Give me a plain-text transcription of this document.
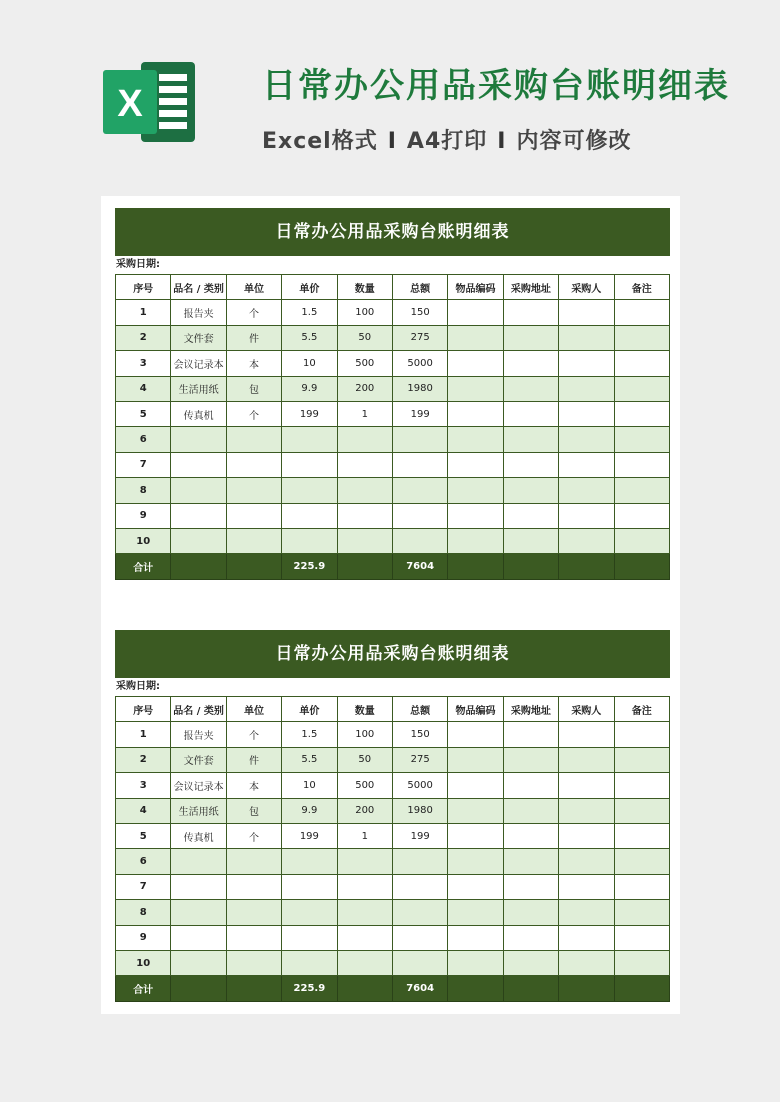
X	日常办公用品采购台账明细表
Excel格式 I A4打印 I 内容可修改
日常办公用品采购台账明细表
采购日期:
序号	品名 / 类别	单位	单价	数量	总额	物品编码	采购地址	采购人	备注
1	报告夹	个	1.5	100	150				
2	文件套	件	5.5	50	275				
3	会议记录本	本	10	500	5000				
4	生活用纸	包	9.9	200	1980				
5	传真机	个	199	1	199				
6									
7									
8									
9									
10									
合计			225.9		7604				
日常办公用品采购台账明细表
采购日期:
序号	品名 / 类别	单位	单价	数量	总额	物品编码	采购地址	采购人	备注
1	报告夹	个	1.5	100	150				
2	文件套	件	5.5	50	275				
3	会议记录本	本	10	500	5000				
4	生活用纸	包	9.9	200	1980				
5	传真机	个	199	1	199				
6									
7									
8									
9									
10									
合计			225.9		7604				
